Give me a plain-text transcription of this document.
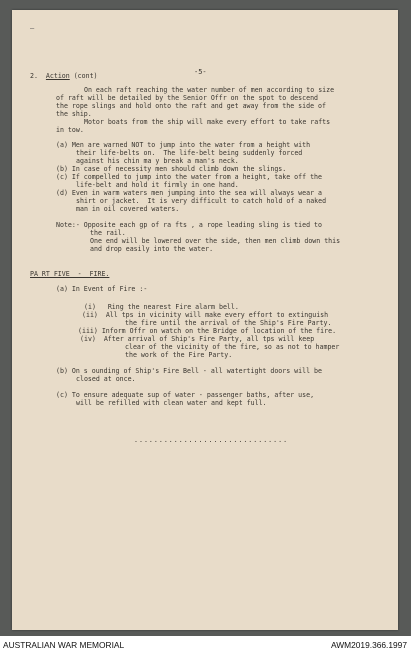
—
-5-
2. Action (cont)
On each raft reaching the water number of men according to size
of raft will be detailed by the Senior Offr on the spot to descend
the rope slings and hold onto the raft and get away from the side of
the ship.
Motor boats from the ship will make every effort to take rafts
in tow.
(a) Men are warned NOT to jump into the water from a height with
their life-belts on.  The life-belt being suddenly forced
against his chin ma y break a man's neck.
(b) In case of necessity men should climb down the slings.
(c) If compelled to jump into the water from a height, take off the
life-belt and hold it firmly in one hand.
(d) Even in warm waters men jumping into the sea will always wear a
shirt or jacket.  It is very difficult to catch hold of a naked
man in oil covered waters.
Note:- Opposite each gp of ra fts , a rope leading sling is tied to
the rail.
One end will be lowered over the side, then men climb down this
and drop easily into the water.
PA RT FIVE  -  FIRE.
(a) In Event of Fire :-
(i)   Ring the nearest Fire alarm bell.
(ii)  All tps in vicinity will make every effort to extinguish
the fire until the arrival of the Ship's Fire Party.
(iii) Inform Offr on watch on the Bridge of location of the fire.
(iv)  After arrival of Ship's Fire Party, all tps will keep
clear of the vicinity of the fire, so as not to hamper
the work of the Fire Party.
(b) On s ounding of Ship's Fire Bell - all watertight doors will be
closed at once.
(c) To ensure adequate sup of water - passenger baths, after use,
will be refilled with clean water and kept full.
...............................
AUSTRALIAN WAR MEMORIAL	AWM2019.366.1997
